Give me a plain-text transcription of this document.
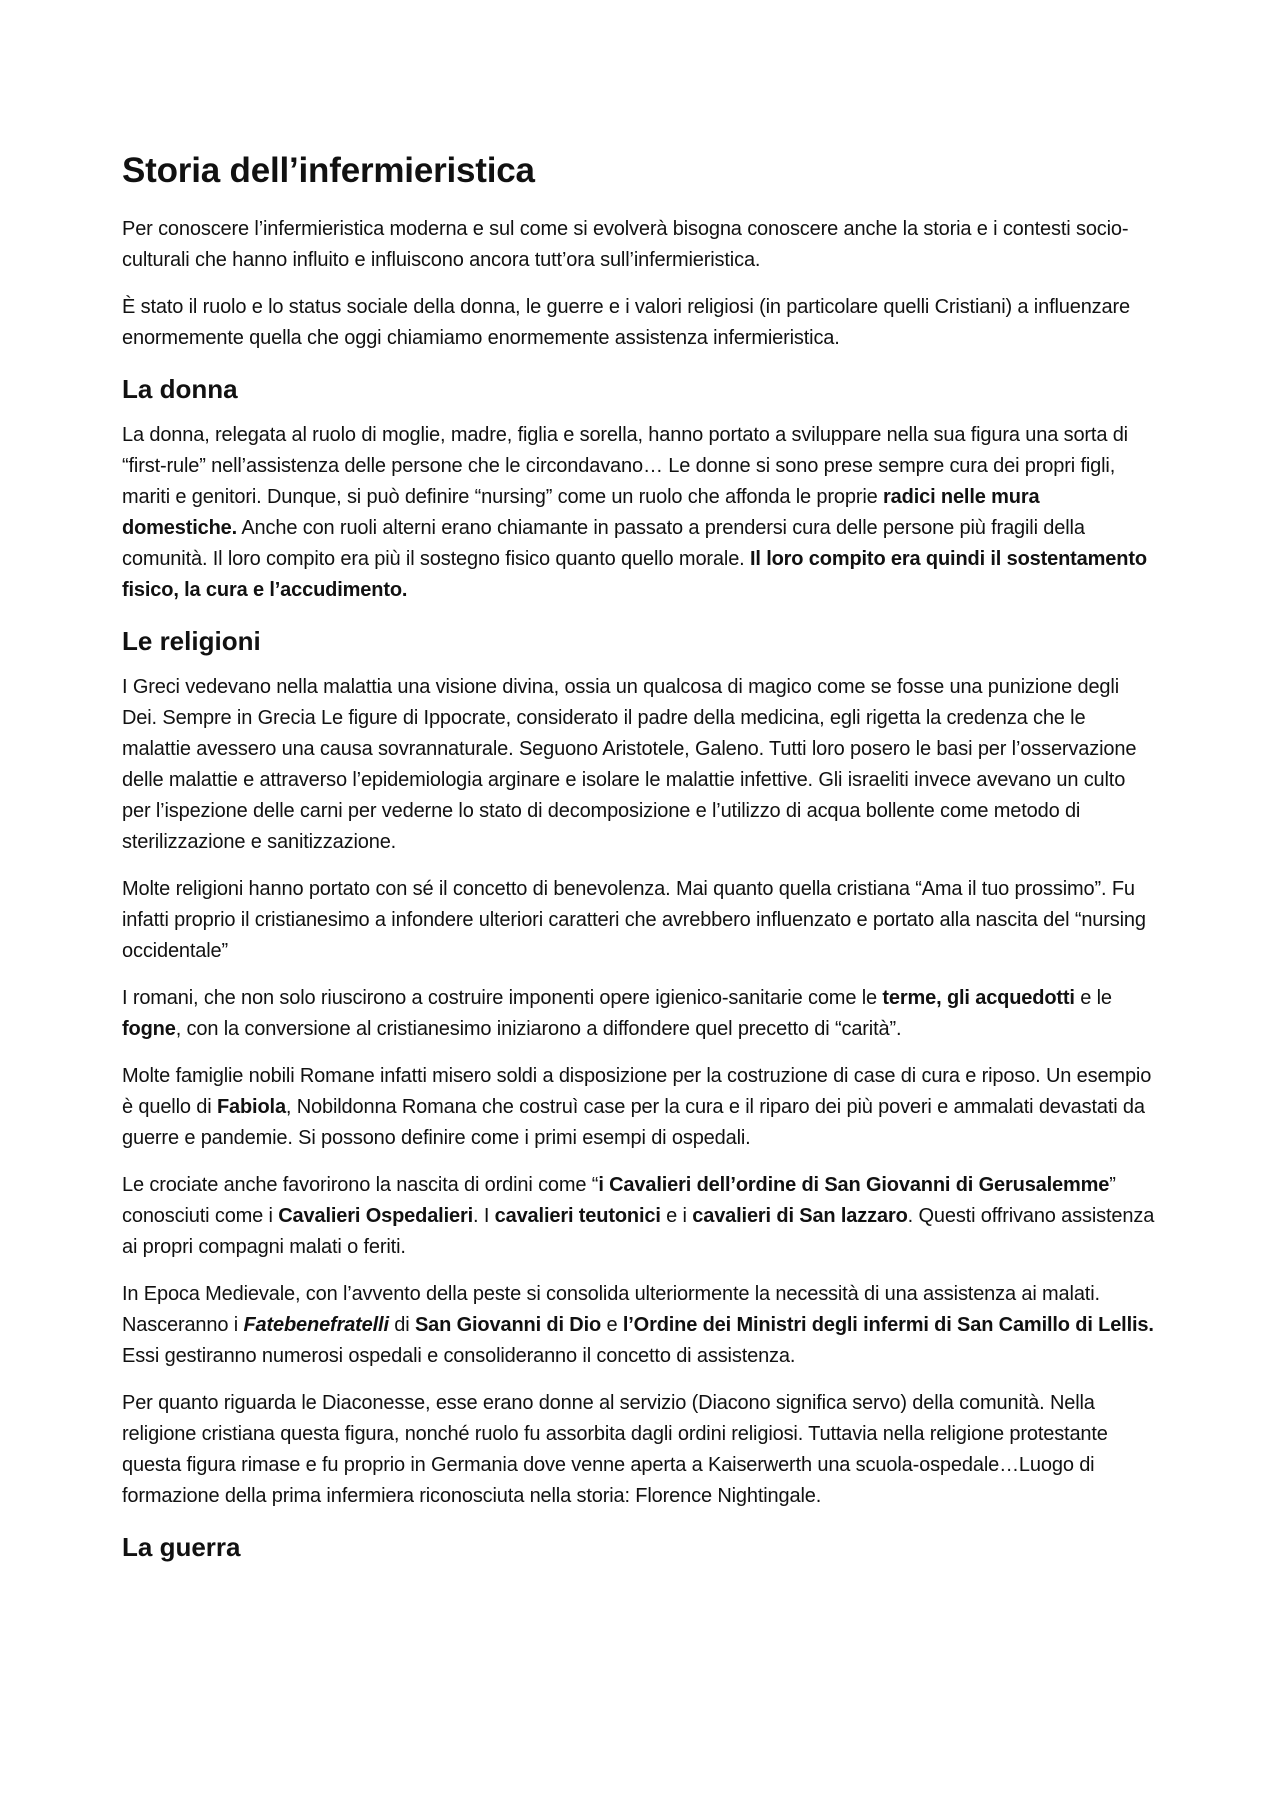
Storia dell’infermieristica

Per conoscere l’infermieristica moderna e sul come si evolverà bisogna conoscere anche la storia e i contesti socio-culturali che hanno influito e influiscono ancora tutt’ora sull’infermieristica.

È stato il ruolo e lo status sociale della donna, le guerre e i valori religiosi (in particolare quelli Cristiani) a influenzare enormemente quella che oggi chiamiamo enormemente assistenza infermieristica.

La donna

La donna, relegata al ruolo di moglie, madre, figlia e sorella, hanno portato a sviluppare nella sua figura una sorta di “first-rule” nell’assistenza delle persone che le circondavano… Le donne si sono prese sempre cura dei propri figli, mariti e genitori. Dunque, si può definire “nursing” come un ruolo che affonda le proprie radici nelle mura domestiche. Anche con ruoli alterni erano chiamante in passato a prendersi cura delle persone più fragili della comunità. Il loro compito era più il sostegno fisico quanto quello morale. Il loro compito era quindi il sostentamento fisico, la cura e l’accudimento.

Le religioni

I Greci vedevano nella malattia una visione divina, ossia un qualcosa di magico come se fosse una punizione degli Dei. Sempre in Grecia Le figure di Ippocrate, considerato il padre della medicina, egli rigetta la credenza che le malattie avessero una causa sovrannaturale. Seguono Aristotele, Galeno. Tutti loro posero le basi per l’osservazione delle malattie e attraverso l’epidemiologia arginare e isolare le malattie infettive. Gli israeliti invece avevano un culto per l’ispezione delle carni per vederne lo stato di decomposizione e l’utilizzo di acqua bollente come metodo di sterilizzazione e sanitizzazione.

Molte religioni hanno portato con sé il concetto di benevolenza. Mai quanto quella cristiana “Ama il tuo prossimo”. Fu infatti proprio il cristianesimo a infondere ulteriori caratteri che avrebbero influenzato e portato alla nascita del “nursing occidentale”

I romani, che non solo riuscirono a costruire imponenti opere igienico-sanitarie come le terme, gli acquedotti e le fogne, con la conversione al cristianesimo iniziarono a diffondere quel precetto di “carità”.

Molte famiglie nobili Romane infatti misero soldi a disposizione per la costruzione di case di cura e riposo. Un esempio è quello di Fabiola, Nobildonna Romana che costruì case per la cura e il riparo dei più poveri e ammalati devastati da guerre e pandemie. Si possono definire come i primi esempi di ospedali.

Le crociate anche favorirono la nascita di ordini come “i Cavalieri dell’ordine di San Giovanni di Gerusalemme” conosciuti come i Cavalieri Ospedalieri. I cavalieri teutonici e i cavalieri di San lazzaro. Questi offrivano assistenza ai propri compagni malati o feriti.

In Epoca Medievale, con l’avvento della peste si consolida ulteriormente la necessità di una assistenza ai malati. Nasceranno i Fatebenefratelli di San Giovanni di Dio e l’Ordine dei Ministri degli infermi di San Camillo di Lellis. Essi gestiranno numerosi ospedali e consolideranno il concetto di assistenza.

Per quanto riguarda le Diaconesse, esse erano donne al servizio (Diacono significa servo) della comunità. Nella religione cristiana questa figura, nonché ruolo fu assorbita dagli ordini religiosi. Tuttavia nella religione protestante questa figura rimase e fu proprio in Germania dove venne aperta a Kaiserwerth una scuola-ospedale…Luogo di formazione della prima infermiera riconosciuta nella storia: Florence Nightingale.

La guerra
